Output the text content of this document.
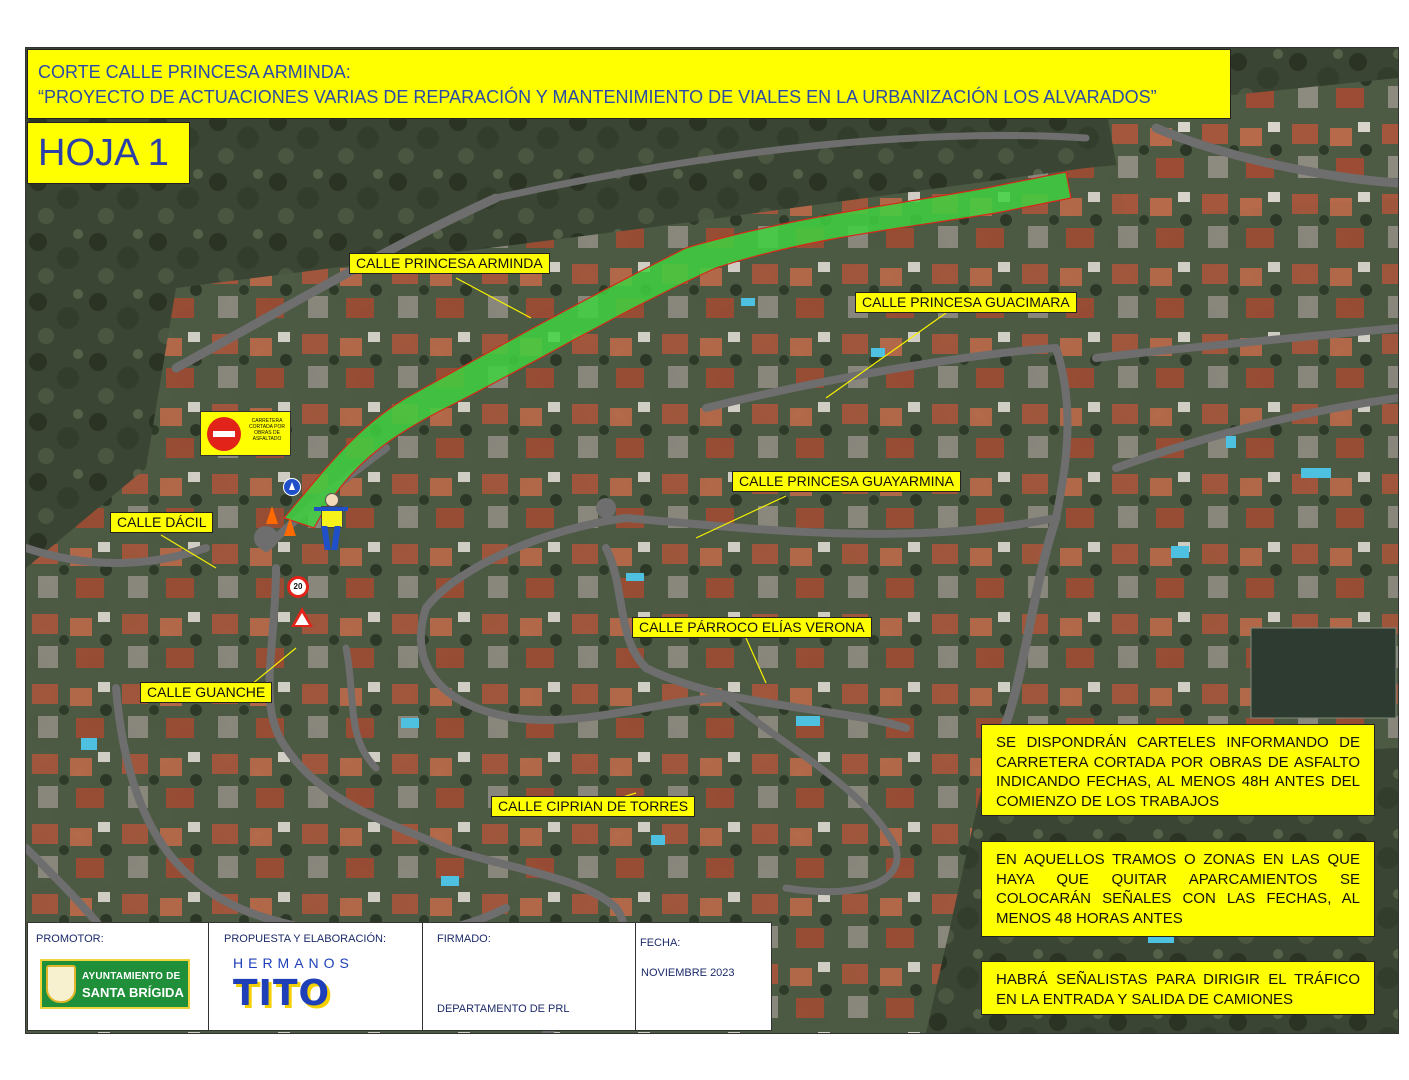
CARRETERA CORTADA POR OBRAS DE ASFALTADO
20
CORTE CALLE PRINCESA ARMINDA:
“PROYECTO DE ACTUACIONES VARIAS DE REPARACIÓN Y MANTENIMIENTO DE VIALES EN LA URBANIZACIÓN LOS ALVARADOS”
HOJA 1
CALLE PRINCESA ARMINDA
CALLE PRINCESA GUACIMARA
CALLE PRINCESA GUAYARMINA
CALLE DÁCIL
CALLE PÁRROCO ELÍAS VERONA
CALLE GUANCHE
CALLE CIPRIAN DE TORRES
SE DISPONDRÁN CARTELES INFORMANDO DE CARRETERA CORTADA POR OBRAS DE ASFALTO INDICANDO FECHAS, AL MENOS 48H ANTES DEL COMIENZO DE LOS TRABAJOS
EN AQUELLOS TRAMOS O ZONAS EN LAS QUE HAYA QUE QUITAR APARCAMIENTOS SE COLOCARÁN SEÑALES CON LAS FECHAS, AL MENOS 48 HORAS ANTES
HABRÁ SEÑALISTAS PARA DIRIGIR EL TRÁFICO EN LA ENTRADA Y SALIDA DE CAMIONES
PROMOTOR:
AYUNTAMIENTO DE
SANTA BRÍGIDA
PROPUESTA Y ELABORACIÓN:
HERMANOS
TITO
FIRMADO:
DEPARTAMENTO DE PRL
FECHA:
NOVIEMBRE 2023
